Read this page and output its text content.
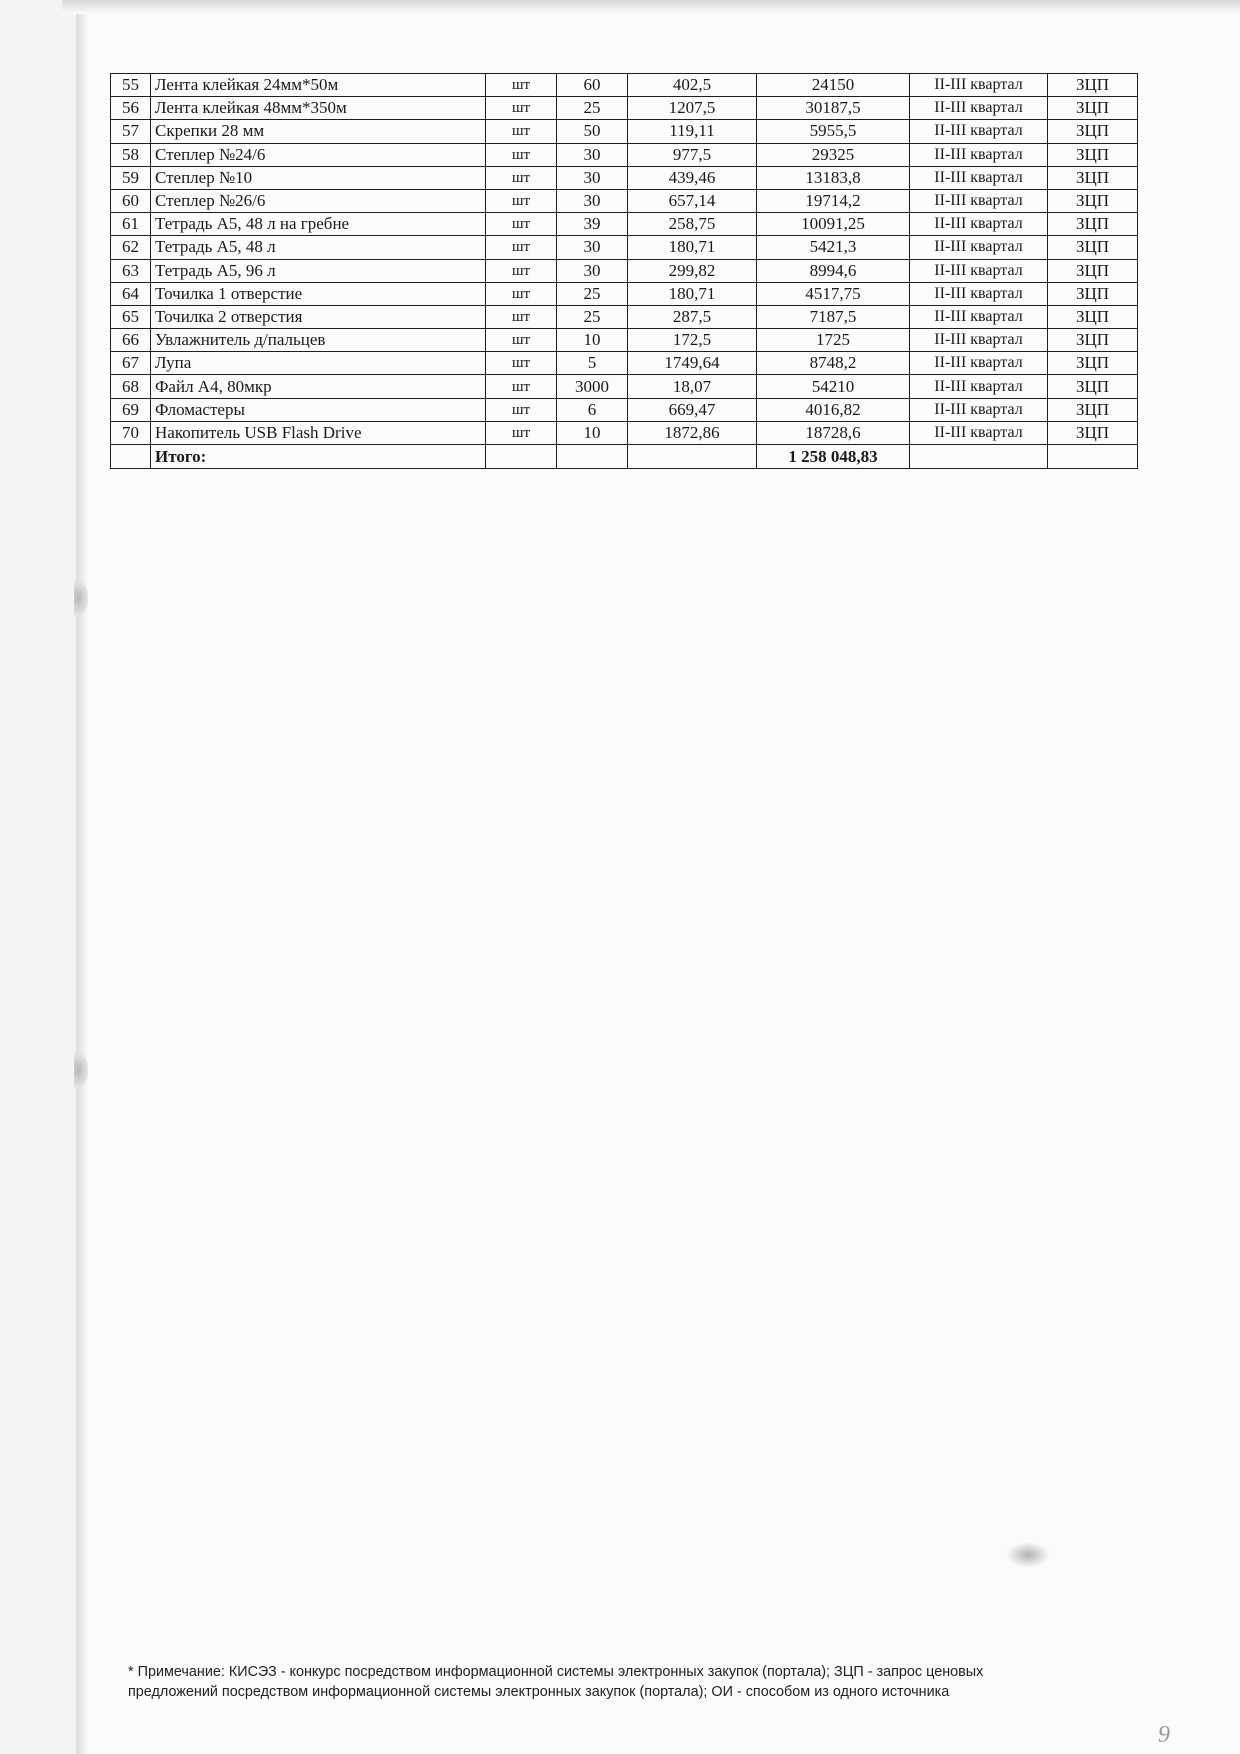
55	Лента клейкая 24мм*50м	шт	60	402,5	24150	II-III квартал	ЗЦП
56	Лента клейкая 48мм*350м	шт	25	1207,5	30187,5	II-III квартал	ЗЦП
57	Скрепки 28 мм	шт	50	119,11	5955,5	II-III квартал	ЗЦП
58	Степлер №24/6	шт	30	977,5	29325	II-III квартал	ЗЦП
59	Степлер №10	шт	30	439,46	13183,8	II-III квартал	ЗЦП
60	Степлер №26/6	шт	30	657,14	19714,2	II-III квартал	ЗЦП
61	Тетрадь А5, 48 л на гребне	шт	39	258,75	10091,25	II-III квартал	ЗЦП
62	Тетрадь А5, 48 л	шт	30	180,71	5421,3	II-III квартал	ЗЦП
63	Тетрадь А5, 96 л	шт	30	299,82	8994,6	II-III квартал	ЗЦП
64	Точилка 1 отверстие	шт	25	180,71	4517,75	II-III квартал	ЗЦП
65	Точилка 2 отверстия	шт	25	287,5	7187,5	II-III квартал	ЗЦП
66	Увлажнитель д/пальцев	шт	10	172,5	1725	II-III квартал	ЗЦП
67	Лупа	шт	5	1749,64	8748,2	II-III квартал	ЗЦП
68	Файл А4, 80мкр	шт	3000	18,07	54210	II-III квартал	ЗЦП
69	Фломастеры	шт	6	669,47	4016,82	II-III квартал	ЗЦП
70	Накопитель USB Flash Drive	шт	10	1872,86	18728,6	II-III квартал	ЗЦП
	Итого:				1 258 048,83		
* Примечание: КИСЭЗ - конкурс посредством информационной системы электронных закупок (портала); ЗЦП - запрос ценовых
предложений посредством информационной системы электронных закупок (портала); ОИ - способом из одного источника
9
